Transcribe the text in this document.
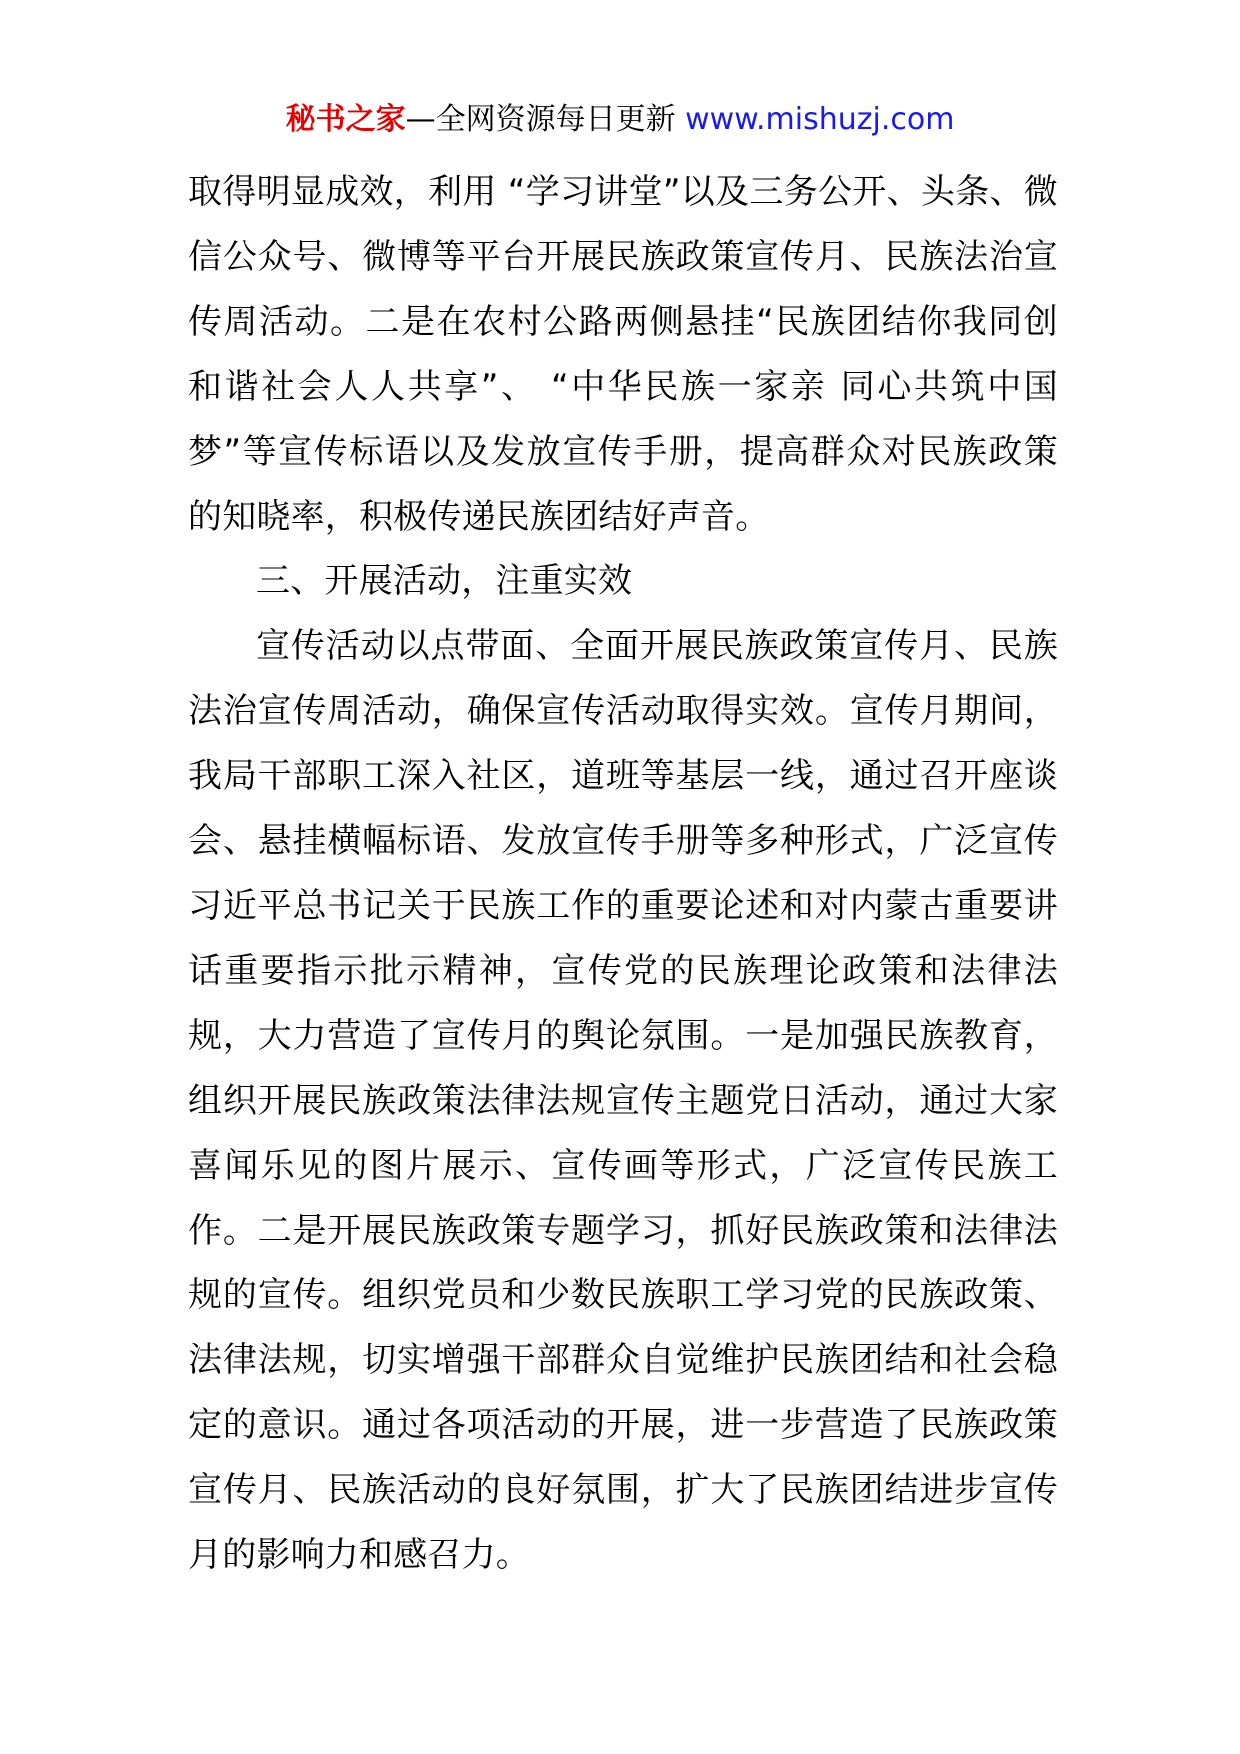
秘书之家—全网资源每日更新 www.mishuzj.com

取得明显成效，利用 “学习讲堂”以及三务公开、头条、微信公众号、微博等平台开展民族政策宣传月、民族法治宣传周活动。二是在农村公路两侧悬挂“民族团结你我同创 和谐社会人人共享”、 “中华民族一家亲 同心共筑中国梦”等宣传标语以及发放宣传手册，提高群众对民族政策的知晓率，积极传递民族团结好声音。

三、开展活动，注重实效

宣传活动以点带面、全面开展民族政策宣传月、民族法治宣传周活动，确保宣传活动取得实效。宣传月期间，我局干部职工深入社区，道班等基层一线，通过召开座谈会、悬挂横幅标语、发放宣传手册等多种形式，广泛宣传习近平总书记关于民族工作的重要论述和对内蒙古重要讲话重要指示批示精神，宣传党的民族理论政策和法律法规，大力营造了宣传月的舆论氛围。一是加强民族教育，组织开展民族政策法律法规宣传主题党日活动，通过大家喜闻乐见的图片展示、宣传画等形式，广泛宣传民族工作。二是开展民族政策专题学习，抓好民族政策和法律法规的宣传。组织党员和少数民族职工学习党的民族政策、法律法规，切实增强干部群众自觉维护民族团结和社会稳定的意识。通过各项活动的开展，进一步营造了民族政策宣传月、民族活动的良好氛围，扩大了民族团结进步宣传月的影响力和感召力。
